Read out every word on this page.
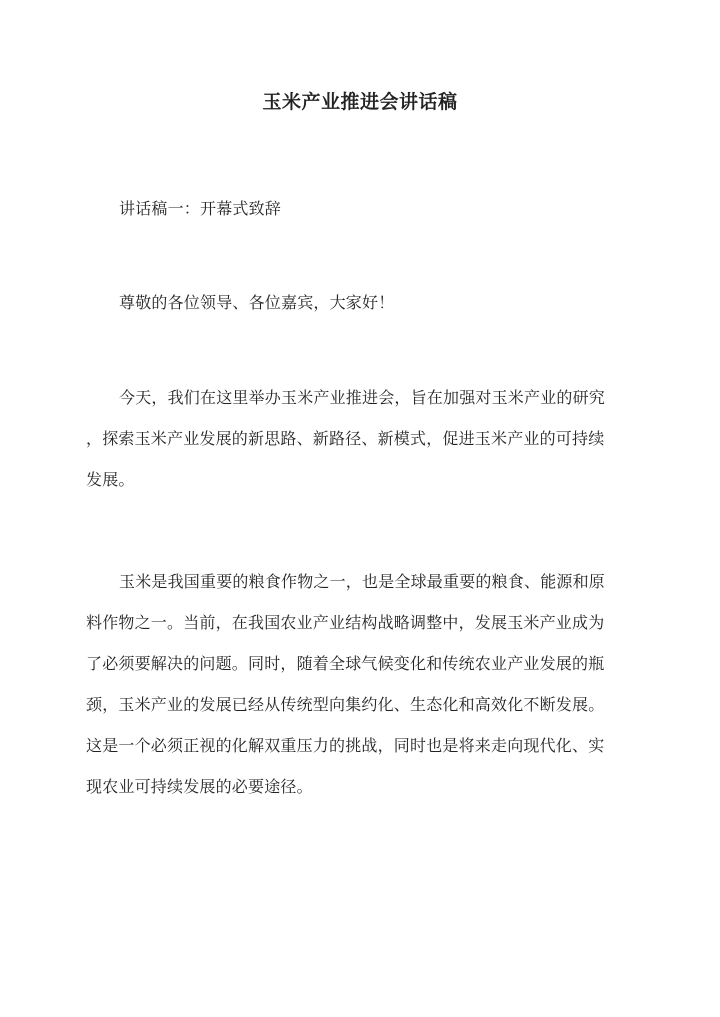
玉米产业推进会讲话稿

讲话稿一：开幕式致辞

尊敬的各位领导、各位嘉宾，大家好！

今天，我们在这里举办玉米产业推进会，旨在加强对玉米产业的研究
，探索玉米产业发展的新思路、新路径、新模式，促进玉米产业的可持续
发展。

玉米是我国重要的粮食作物之一，也是全球最重要的粮食、能源和原
料作物之一。当前，在我国农业产业结构战略调整中，发展玉米产业成为
了必须要解决的问题。同时，随着全球气候变化和传统农业产业发展的瓶
颈，玉米产业的发展已经从传统型向集约化、生态化和高效化不断发展。
这是一个必须正视的化解双重压力的挑战，同时也是将来走向现代化、实
现农业可持续发展的必要途径。
